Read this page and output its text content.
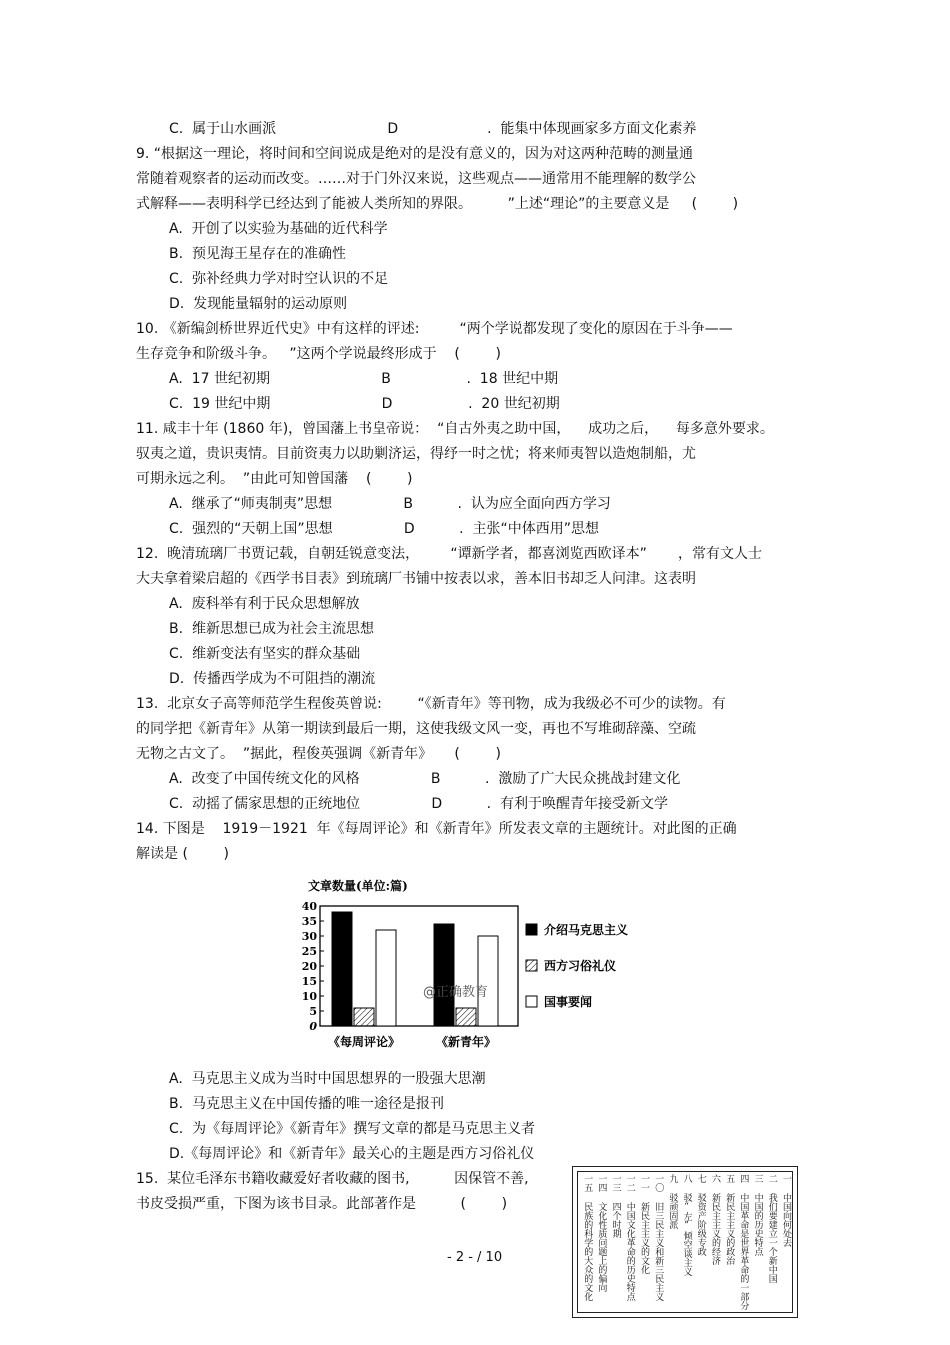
C.  属于山水画派                         D                    .  能集中体现画家多方面文化素养
9. “根据这一理论，将时间和空间说成是绝对的是没有意义的，因为对这两种范畴的测量通
常随着观察者的运动而改变。……对于门外汉来说，这些观点——通常用不能理解的数学公
式解释——表明科学已经达到了能被人类所知的界限。        ”上述“理论”的主要意义是     (        )
A.  开创了以实验为基础的近代科学
B.  预见海王星存在的准确性
C.  弥补经典力学对时空认识的不足
D.  发现能量辐射的运动原则
10. 《新编剑桥世界近代史》中有这样的评述:         “两个学说都发现了变化的原因在于斗争——
生存竞争和阶级斗争。   ”这两个学说最终形成于    (        )
A.  17 世纪初期                         B                 .  18 世纪中期
C.  19 世纪中期                         D                 .  20 世纪初期
11. 咸丰十年 (1860 年)，曾国藩上书皇帝说：  “自古外夷之助中国，    成功之后，    每多意外要求。
驭夷之道，贵识夷情。目前资夷力以助剿济运，得纾一时之忧；将来师夷智以造炮制船，尤
可期永远之利。  ”由此可知曾国藩    (        )
A.  继承了“师夷制夷”思想                B          .  认为应全面向西方学习
C.  强烈的“天朝上国”思想                D          .  主张“中体西用”思想
12.  晚清琉璃厂书贾记载，自朝廷锐意变法，       “谭新学者，都喜浏览西欧译本”       ，常有文人士
大夫拿着梁启超的《西学书目表》到琉璃厂书铺中按表以求，善本旧书却乏人问津。这表明
A.  废科举有利于民众思想解放
B.  维新思想已成为社会主流思想
C.  维新变法有坚实的群众基础
D.  传播西学成为不可阻挡的潮流
13.  北京女子高等师范学生程俊英曾说:        “《新青年》等刊物，成为我级必不可少的读物。有
的同学把《新青年》从第一期读到最后一期，这使我级文风一变，再也不写堆砌辞藻、空疏
无物之古文了。  ”据此，程俊英强调《新青年》     (        )
A.  改变了中国传统文化的风格                B          .  激励了广大民众挑战封建文化
C.  动摇了儒家思想的正统地位                D          .  有利于唤醒青年接受新文学
14. 下图是    1919－1921  年《每周评论》和《新青年》所发表文章的主题统计。对此图的正确
解读是 (        )
A.  马克思主义成为当时中国思想界的一股强大思潮
B.  马克思主义在中国传播的唯一途径是报刊
C.  为《每周评论》《新青年》撰写文章的都是马克思主义者
D.《每周评论》和《新青年》最关心的主题是西方习俗礼仪
15.  某位毛泽东书籍收藏爱好者收藏的图书,          因保管不善,
书皮受损严重，下图为该书目录。此部著作是          (        )
文章数量(单位:篇)
0
5
10
15
20
25
30
35
40
《每周评论》	《新青年》
@正确教育
介绍马克思主义
西方习俗礼仪
国事要闻
一 中国向何处去
二 我们要建立一个新中国
三 中国的历史特点
四 中国革命是世界革命的一部分
五 新民主主义的政治
六 新民主主义的经济
七 驳资产阶级专政
八 驳“左”倾空谈主义
九 驳顽固派
一〇 旧三民主义和新三民主义
一一 新民主主义的文化
一二 中国文化革命的历史特点
一三 四个时期
一四 文化性质问题上的偏向
一五 民族的科学的大众的文化
- 2 - / 10
